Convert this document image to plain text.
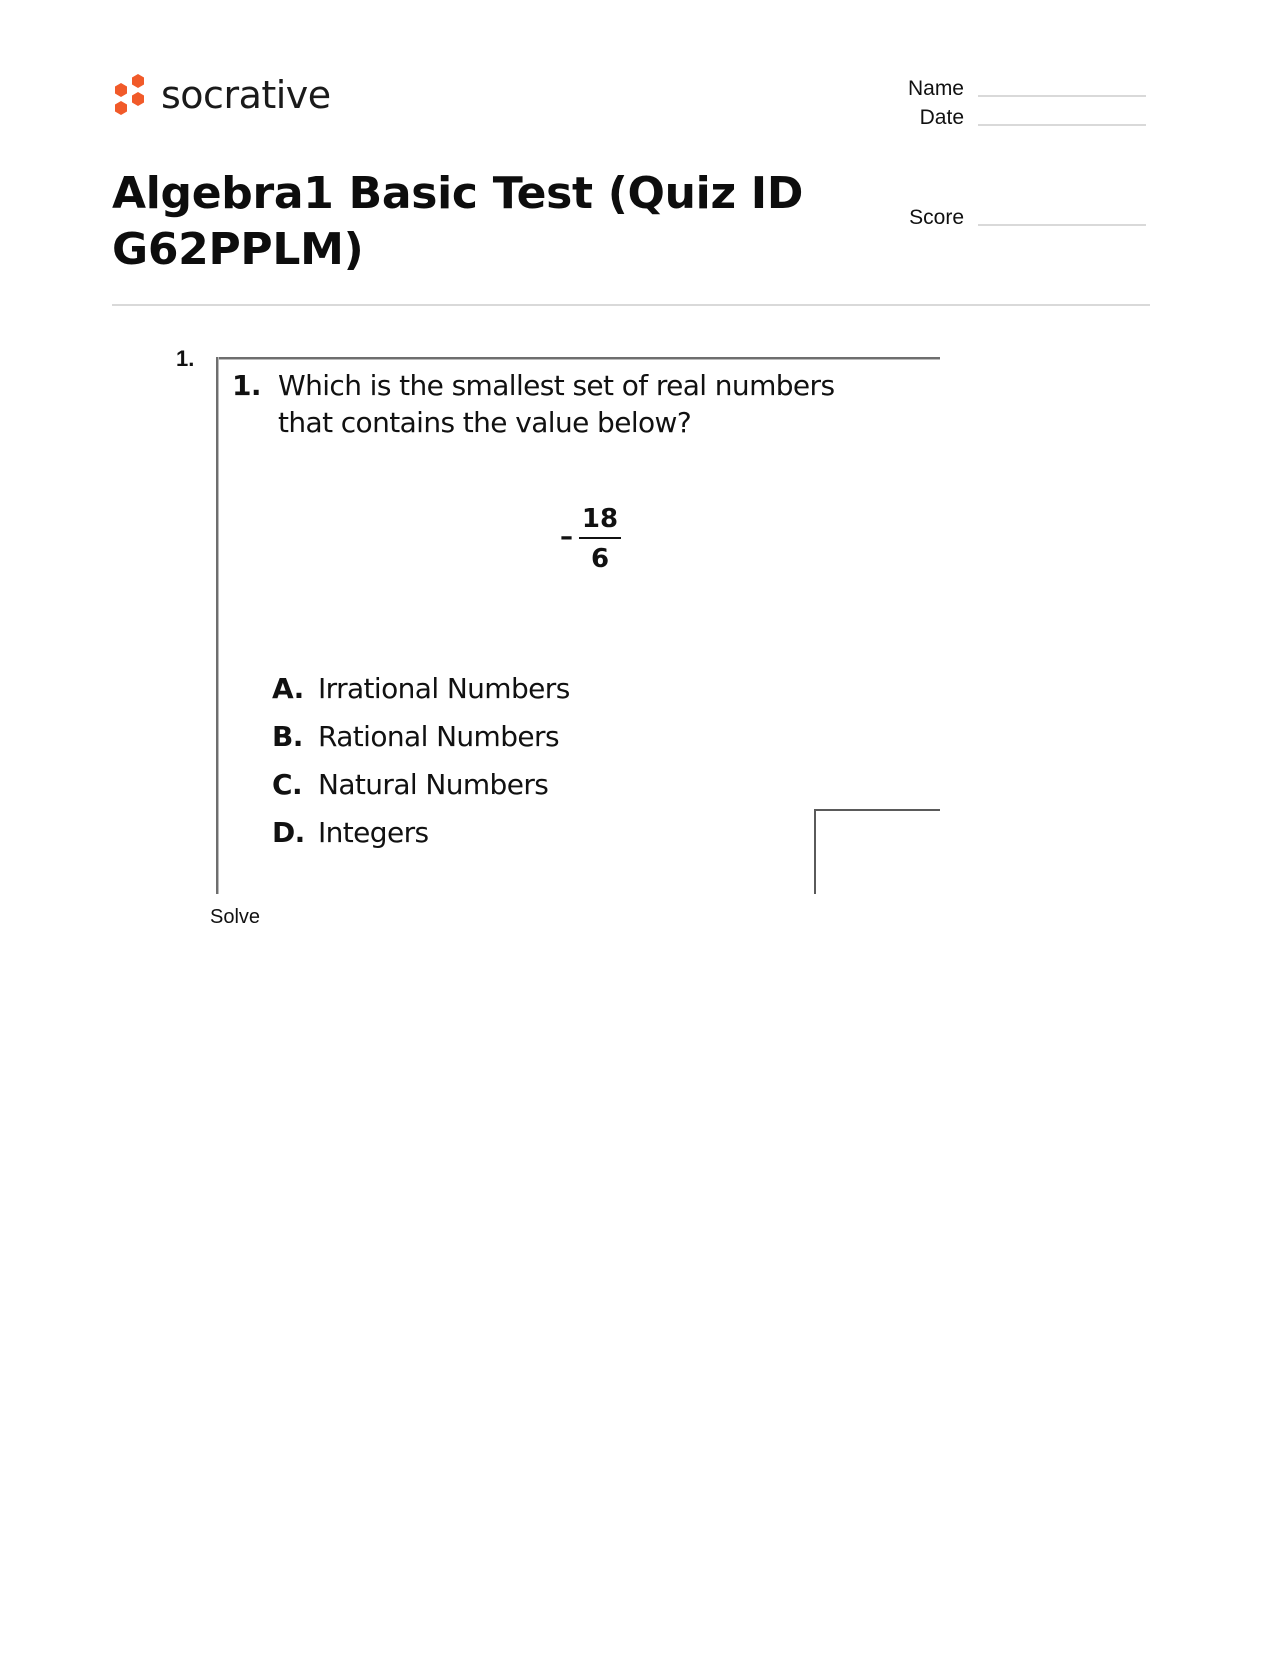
socrative	Name
Date
Score
Algebra1 Basic Test (Quiz ID G62PPLM)
1.
1. Which is the smallest set of real numbers
that contains the value below?
–
18
6
A. Irrational Numbers
B. Rational Numbers
C. Natural Numbers
D. Integers
Solve
